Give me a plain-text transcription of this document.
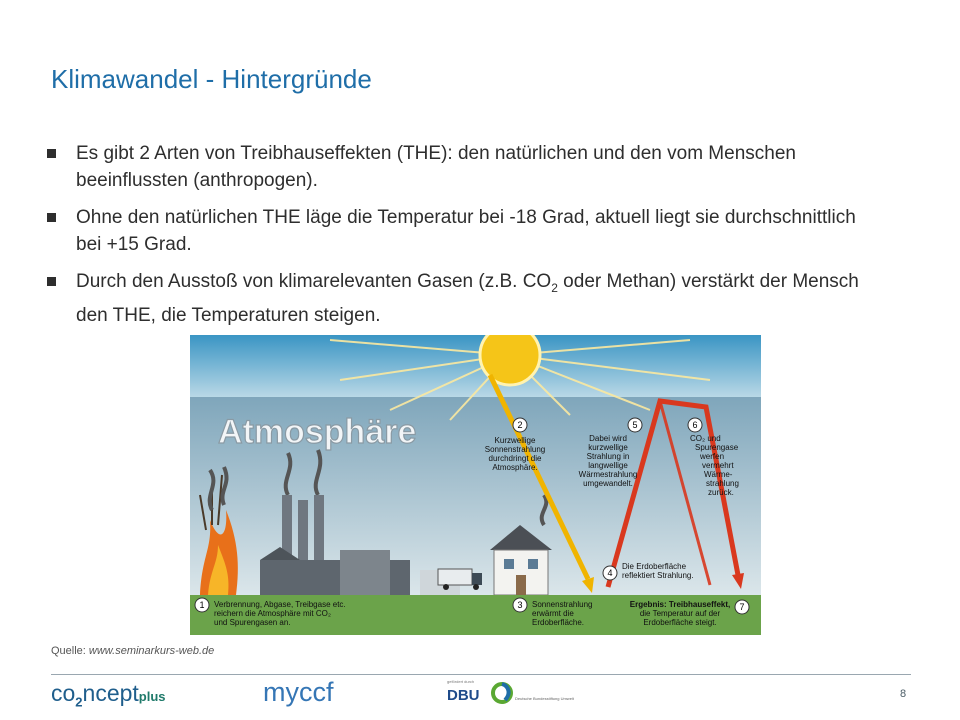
Klimawandel - Hintergründe
Es gibt 2 Arten von Treibhauseffekten (THE): den natürlichen und den vom Menschen beeinflussten (anthropogen).
Ohne den natürlichen THE läge die Temperatur bei -18 Grad, aktuell liegt sie durchschnittlich bei +15 Grad.
Durch den Ausstoß von klimarelevanten Gasen (z.B. $CO_2$ oder Methan) verstärkt der Mensch den THE, die Temperaturen steigen.
Atmosphäre
1 Verbrennung, Abgase, Treibgase etc.
reichern die Atmosphäre mit CO₂
und Spurengasen an.
2
Kurzwellige
Sonnenstrahlung
durchdringt die
Atmosphäre.
3 Sonnenstrahlung
erwärmt die
Erdoberfläche.
4
Die Erdoberfläche
reflektiert Strahlung.
5
Dabei wird
kurzwellige
Strahlung in
langwellige
Wärmestrahlung
umgewandelt.
6
CO₂ und
Spurengase
werfen
vermehrt
Wärme-
strahlung
zurück.
7
Ergebnis: Treibhauseffekt,
die Temperatur auf der
Erdoberfläche steigt.
Quelle: www.seminarkurs-web.de
$co_2nceptplus$	myccf	gefördert durch
DBU	Deutsche Bundesstiftung Umwelt	8
